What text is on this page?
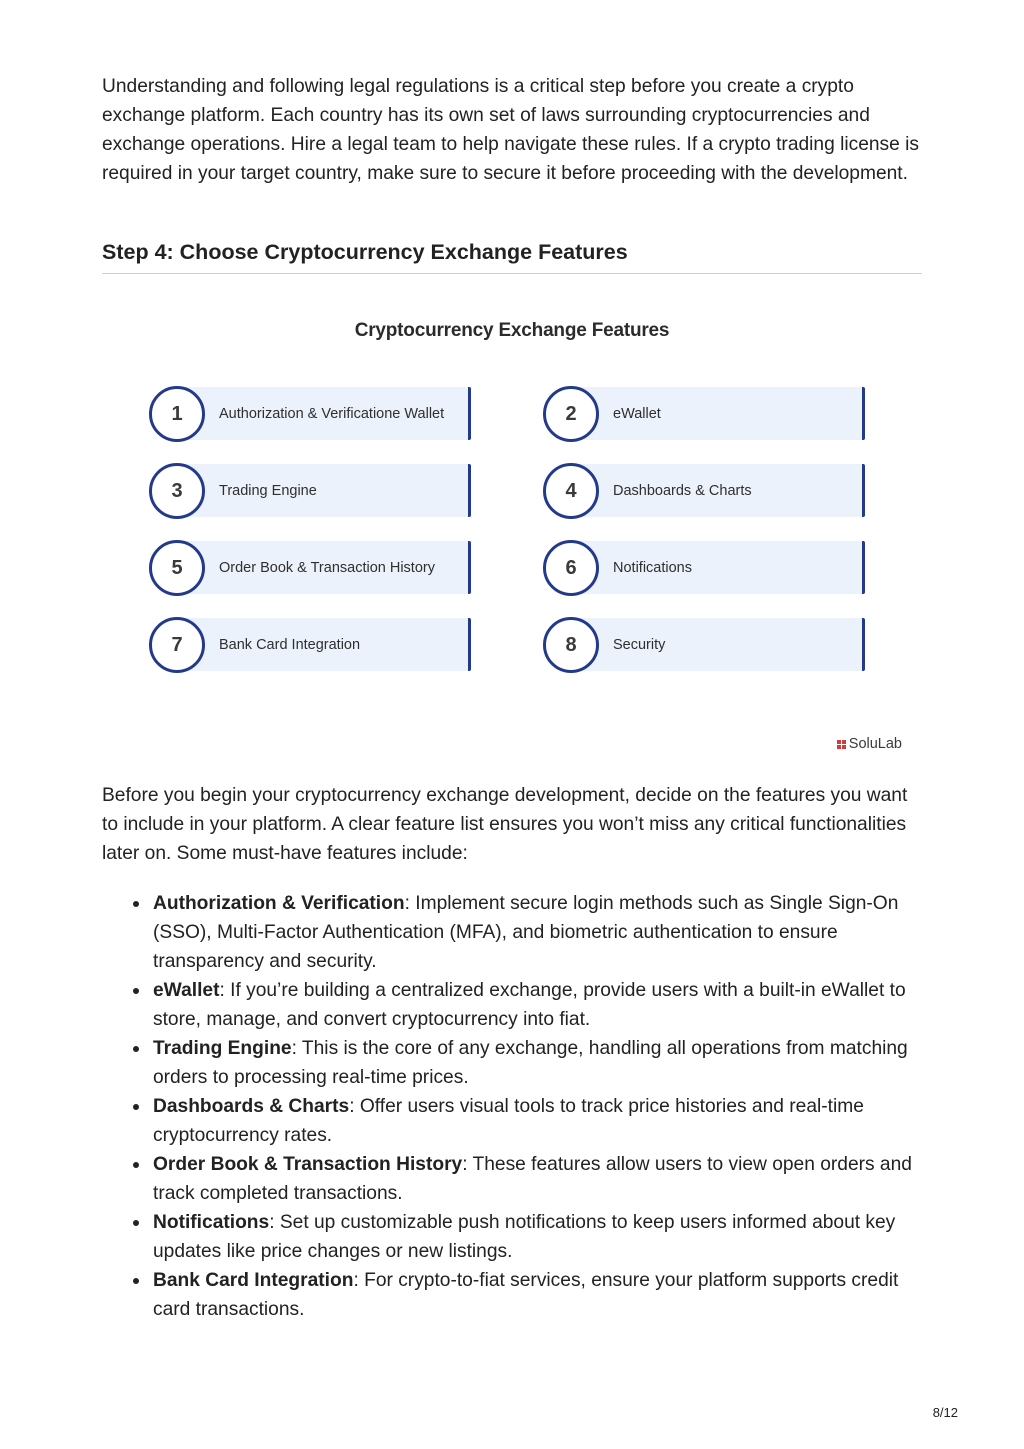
Understanding and following legal regulations is a critical step before you create a crypto exchange platform. Each country has its own set of laws surrounding cryptocurrencies and exchange operations. Hire a legal team to help navigate these rules. If a crypto trading license is required in your target country, make sure to secure it before proceeding with the development.

Step 4: Choose Cryptocurrency Exchange Features
Cryptocurrency Exchange Features
1	Authorization & Verificatione Wallet	2	eWallet
3	Trading Engine	4	Dashboards & Charts
5	Order Book & Transaction History	6	Notifications
7	Bank Card Integration	8	Security
SoluLab

Before you begin your cryptocurrency exchange development, decide on the features you want to include in your platform. A clear feature list ensures you won’t miss any critical functionalities later on. Some must-have features include:

Authorization & Verification: Implement secure login methods such as Single Sign-On (SSO), Multi-Factor Authentication (MFA), and biometric authentication to ensure transparency and security.
eWallet: If you’re building a centralized exchange, provide users with a built-in eWallet to store, manage, and convert cryptocurrency into fiat.
Trading Engine: This is the core of any exchange, handling all operations from matching orders to processing real-time prices.
Dashboards & Charts: Offer users visual tools to track price histories and real-time cryptocurrency rates.
Order Book & Transaction History: These features allow users to view open orders and track completed transactions.
Notifications: Set up customizable push notifications to keep users informed about key updates like price changes or new listings.
Bank Card Integration: For crypto-to-fiat services, ensure your platform supports credit card transactions.
8/12
